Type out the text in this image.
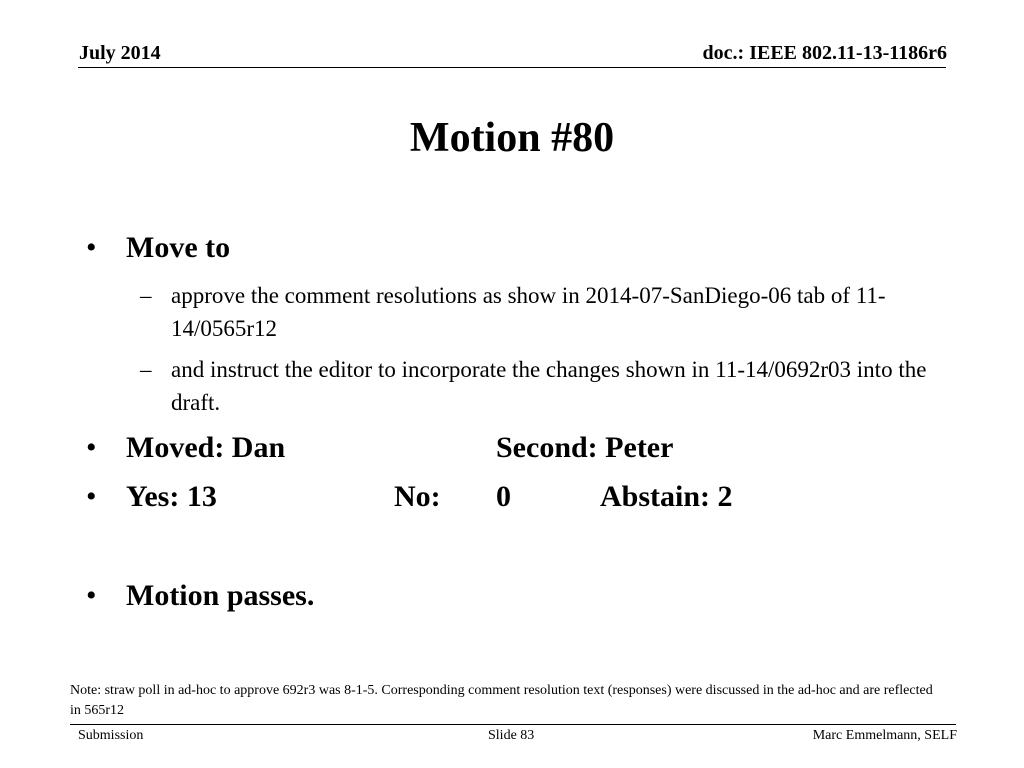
July 2014	doc.: IEEE 802.11-13-1186r6
Motion #80
• Move to
– approve the comment resolutions as show in 2014-07-SanDiego-06 tab of 11-14/0565r12
– and instruct the editor to incorporate the changes shown in 11-14/0692r03 into the draft.
• Moved: Dan	Second: Peter
• Yes: 13	No: 0	Abstain: 2
• Motion passes.
Note: straw poll in ad-hoc to approve 692r3 was 8-1-5. Corresponding comment resolution text (responses) were discussed in the ad-hoc and are reflected in 565r12
Submission	Slide 83	Marc Emmelmann, SELF
